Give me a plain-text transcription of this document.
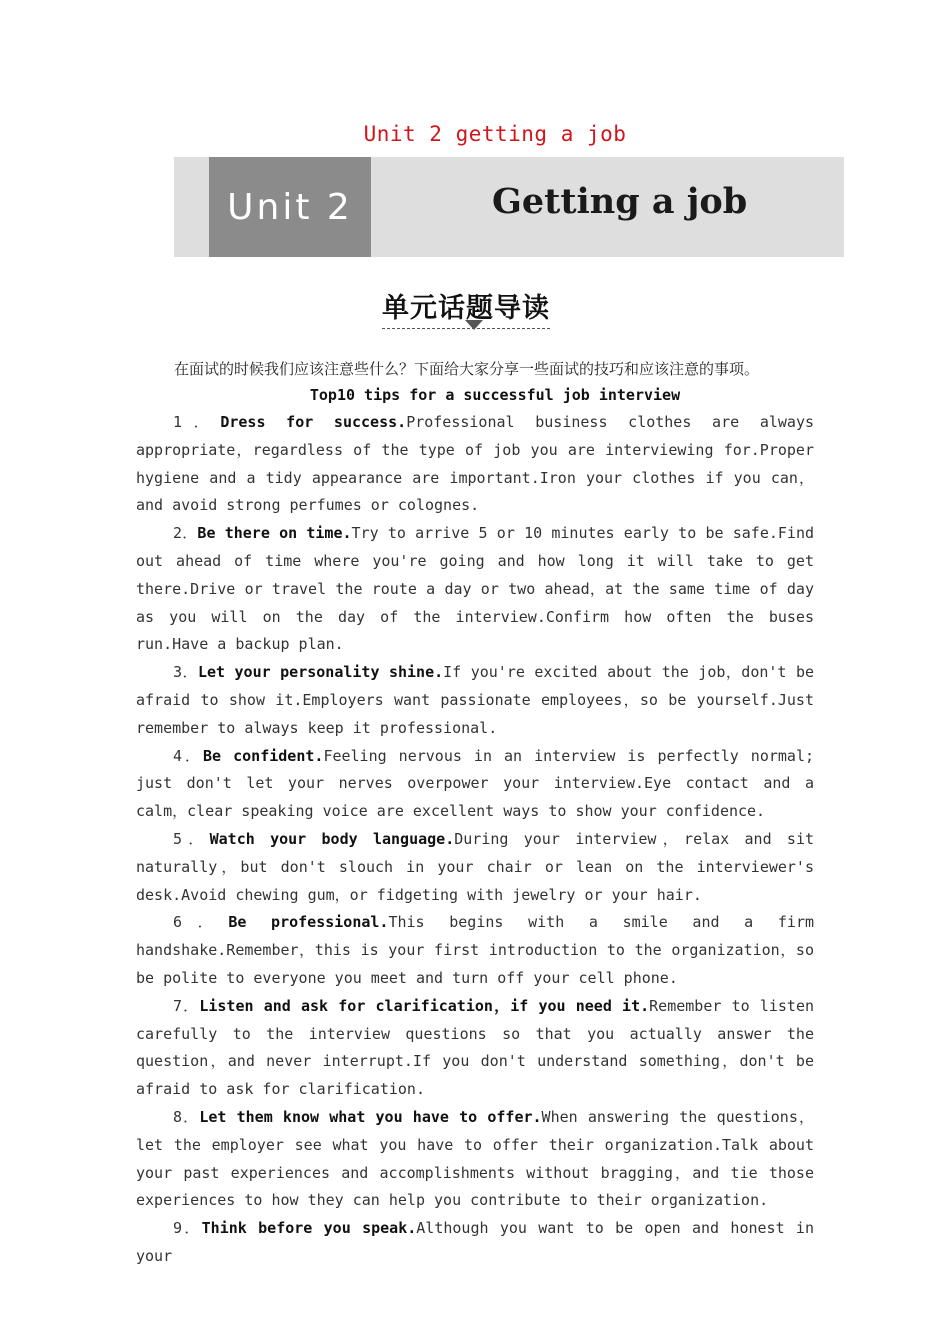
Unit 2 getting a job
Unit 2	Getting a job
单元话题导读
在面试的时候我们应该注意些什么？下面给大家分享一些面试的技巧和应该注意的事项。
Top10 tips for a successful job interview

1．Dress for success.Professional business clothes are always appropriate，regardless of the type of job you are interviewing for.Proper hygiene and a tidy appearance are important.Iron your clothes if you can，and avoid strong perfumes or colognes.

2．Be there on time.Try to arrive 5 or 10 minutes early to be safe.Find out ahead of time where you're going and how long it will take to get there.Drive or travel the route a day or two ahead，at the same time of day as you will on the day of the interview.Confirm how often the buses run.Have a backup plan.

3．Let your personality shine.If you're excited about the job，don't be afraid to show it.Employers want passionate employees，so be yourself.Just remember to always keep it professional.

4．Be confident.Feeling nervous in an interview is perfectly normal; just don't let your nerves overpower your interview.Eye contact and a calm，clear speaking voice are excellent ways to show your confidence.

5．Watch your body language.During your interview，relax and sit naturally，but don't slouch in your chair or lean on the interviewer's desk.Avoid chewing gum，or fidgeting with jewelry or your hair.

6．Be professional.This begins with a smile and a firm handshake.Remember，this is your first introduction to the organization，so be polite to everyone you meet and turn off your cell phone.

7．Listen and ask for clarification，if you need it.Remember to listen carefully to the interview questions so that you actually answer the question，and never interrupt.If you don't understand something，don't be afraid to ask for clarification.

8．Let them know what you have to offer.When answering the questions，let the employer see what you have to offer their organization.Talk about your past experiences and accomplishments without bragging，and tie those experiences to how they can help you contribute to their organization.

9．Think before you speak.Although you want to be open and honest in your
